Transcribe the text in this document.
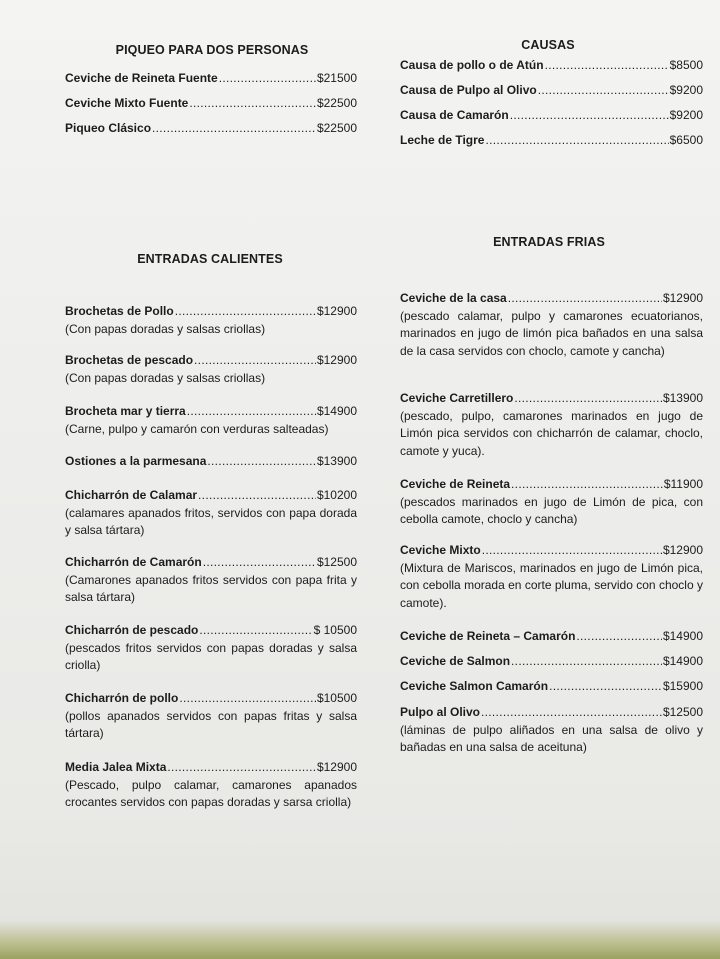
PIQUEO PARA DOS PERSONAS
Ceviche de Reineta Fuente .....	$21500
Ceviche Mixto Fuente .....	$22500
Piqueo Clásico .....	$22500
CAUSAS
Causa de pollo o de Atún .....	$8500
Causa de Pulpo al Olivo .....	$9200
Causa de Camarón .....	$9200
Leche de Tigre .....	$6500
ENTRADAS CALIENTES
Brochetas de Pollo .....	$12900
(Con papas doradas y salsas criollas)
Brochetas de pescado .....	$12900
(Con papas doradas y salsas criollas)
Brocheta mar y tierra .....	$14900
(Carne, pulpo y camarón con verduras salteadas)
Ostiones a la parmesana .....	$13900
Chicharrón de Calamar .....	$10200
(calamares apanados fritos, servidos con papa dorada y salsa tártara)
Chicharrón de Camarón .....	$12500
(Camarones apanados fritos servidos con papa frita y salsa tártara)
Chicharrón de pescado .....	$ 10500
(pescados fritos servidos con papas doradas y salsa criolla)
Chicharrón de pollo .....	$10500
(pollos apanados servidos con papas fritas y salsa tártara)
Media Jalea Mixta .....	$12900
(Pescado, pulpo calamar, camarones apanados crocantes servidos con papas doradas y sarsa criolla)
ENTRADAS FRIAS
Ceviche de la casa .....	$12900
(pescado calamar, pulpo y camarones ecuatorianos, marinados en jugo de limón pica bañados en una salsa de la casa servidos con choclo, camote y cancha)
Ceviche Carretillero .....	$13900
(pescado, pulpo, camarones marinados en jugo de Limón pica servidos con chicharrón de calamar, choclo, camote y yuca).
Ceviche de Reineta .....	$11900
(pescados marinados en jugo de Limón de pica, con cebolla camote, choclo y cancha)
Ceviche Mixto .....	$12900
(Mixtura de Mariscos, marinados en jugo de Limón pica, con cebolla morada en corte pluma, servido con choclo y camote).
Ceviche de Reineta – Camarón .....	$14900
Ceviche de Salmon .....	$14900
Ceviche Salmon Camarón .....	$15900
Pulpo al Olivo .....	$12500
(láminas de pulpo aliñados en una salsa de olivo y bañadas en una salsa de aceituna)
